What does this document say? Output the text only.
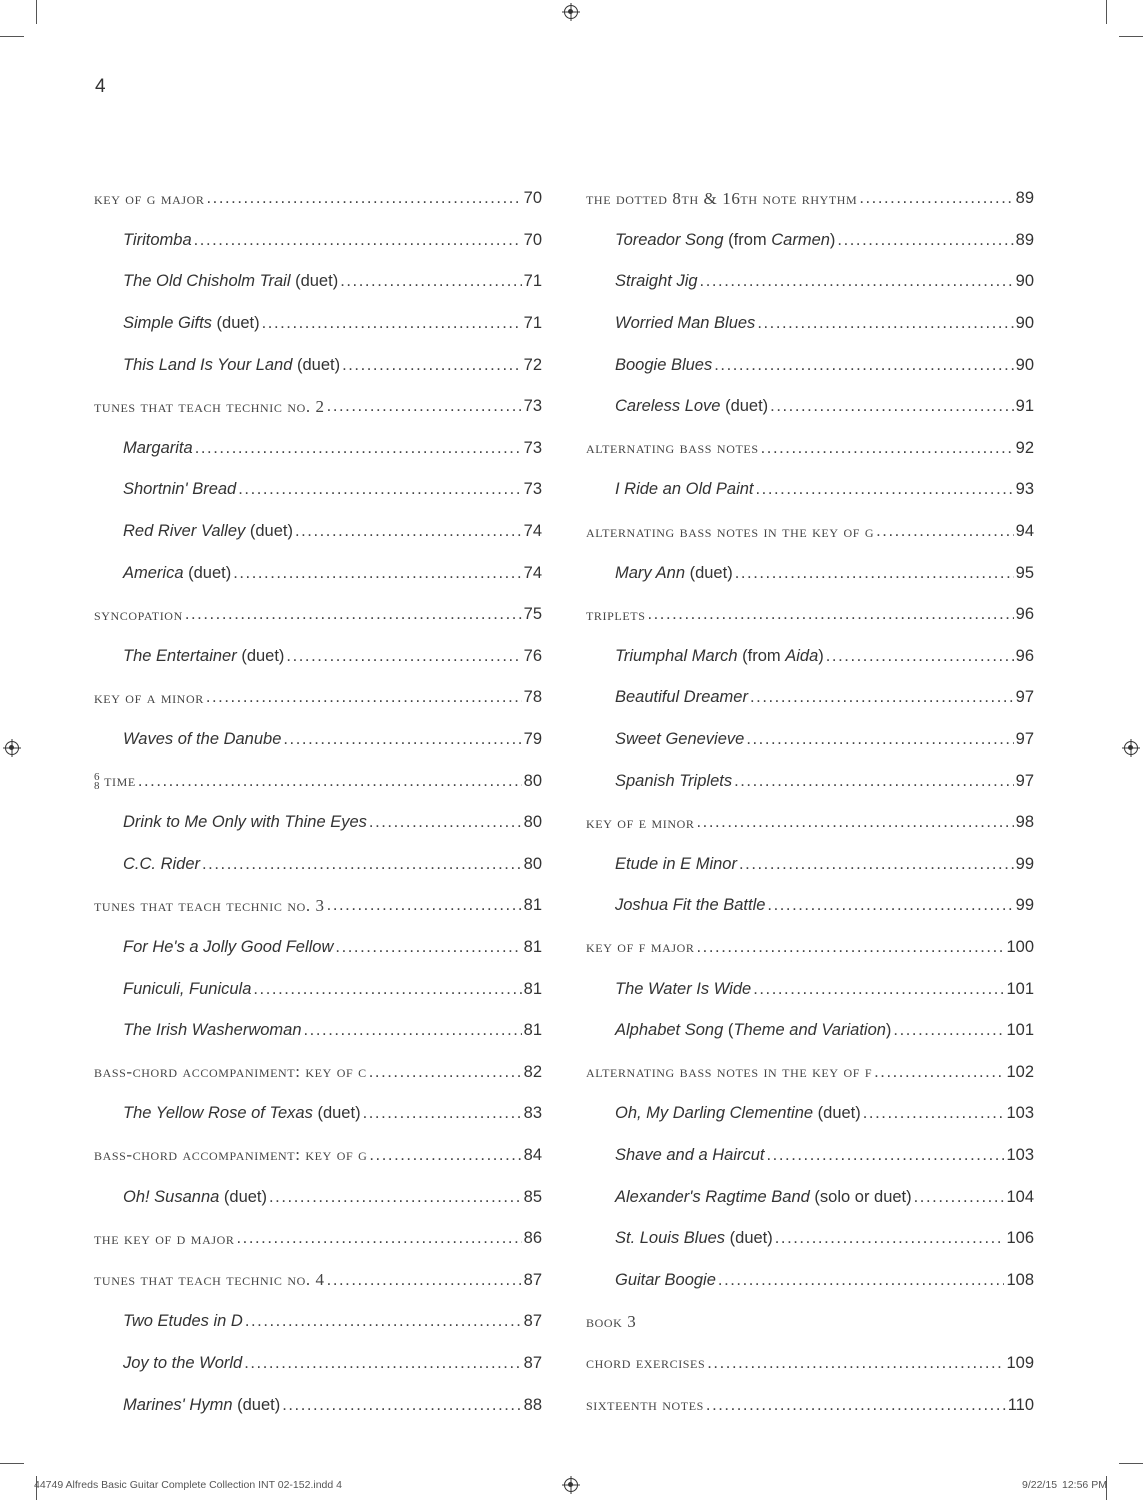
4
key of g major . . .	70
Tiritomba . . .	70
The Old Chisholm Trail (duet) . . .	71
Simple Gifts (duet) . . .	71
This Land Is Your Land (duet) . . .	72
tunes that teach technic no. 2 . . .	73
Margarita . . .	73
Shortnin' Bread . . .	73
Red River Valley (duet) . . .	74
America (duet) . . .	74
syncopation . . .	75
The Entertainer (duet) . . .	76
key of a minor . . .	78
Waves of the Danube . . .	79
6
8 time . . .	80
Drink to Me Only with Thine Eyes . . .	80
C.C. Rider . . .	80
tunes that teach technic no. 3 . . .	81
For He's a Jolly Good Fellow . . .	81
Funiculi, Funicula . . .	81
The Irish Washerwoman . . .	81
bass-chord accompaniment: key of c . . .	82
The Yellow Rose of Texas (duet) . . .	83
bass-chord accompaniment: key of g . . .	84
Oh! Susanna (duet) . . .	85
the key of d major . . .	86
tunes that teach technic no. 4 . . .	87
Two Etudes in D . . .	87
Joy to the World . . .	87
Marines' Hymn (duet) . . .	88
the dotted 8th & 16th note rhythm . . .	89
Toreador Song (from Carmen) . . .	89
Straight Jig . . .	90
Worried Man Blues . . .	90
Boogie Blues . . .	90
Careless Love (duet) . . .	91
alternating bass notes . . .	92
I Ride an Old Paint . . .	93
alternating bass notes in the key of g . . .	94
Mary Ann (duet) . . .	95
triplets . . .	96
Triumphal March (from Aida) . . .	96
Beautiful Dreamer . . .	97
Sweet Genevieve . . .	97
Spanish Triplets . . .	97
key of e minor . . .	98
Etude in E Minor . . .	99
Joshua Fit the Battle . . .	99
key of f major . . .	100
The Water Is Wide . . .	101
Alphabet Song (Theme and Variation) . . .	101
alternating bass notes in the key of f . . .	102
Oh, My Darling Clementine (duet) . . .	103
Shave and a Haircut . . .	103
Alexander's Ragtime Band (solo or duet) . . .	104
St. Louis Blues (duet) . . .	106
Guitar Boogie . . .	108
book 3
chord exercises . . .	109
sixteenth notes . . .	110
44749 Alfreds Basic Guitar Complete Collection INT 02-152.indd 4	9/22/15 12:56 PM
